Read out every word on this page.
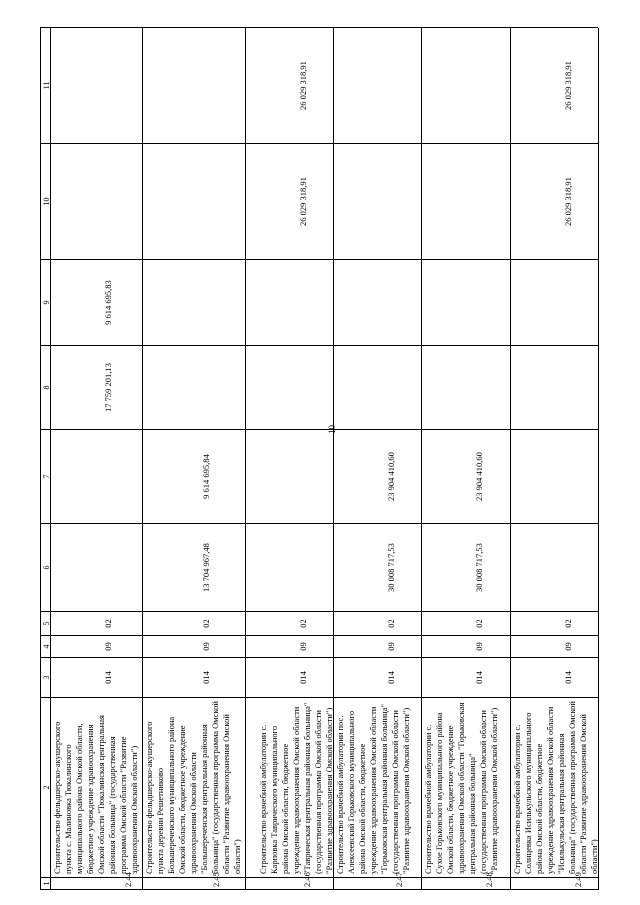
10
1
2
3
4
5
6
7
8
9
10
11
2.44
Строительство фельдшерско-акушерского пункта с. Малиновка Тюкалинского муниципального района Омской области, бюджетное учреждение здравоохранения Омской области "Тюкалинская центральная районная больница" (государственная программа Омской области "Развитие здравоохранения Омской области")
014
09
02
17 759 201,13
9 614 695,83
2.45
Строительство фельдшерско-акушерского пункта деревни Решетниково Большереченского муниципального района Омской области, бюджетное учреждение здравоохранения Омской области "Большереченская центральная районная больница" (государственная программа Омской области "Развитие здравоохранения Омской области")
014
09
02
13 704 967,48
9 614 695,84
2.46
Строительство врачебной амбулатории с. Карповка Таврического муниципального района Омской области, бюджетное учреждение здравоохранения Омской области "Таврическая центральная районная больница" (государственная программа Омской области "Развитие здравоохранения Омской области")
014
09
02
26 029 318,91
26 029 318,91
2.47
Строительство врачебной амбулатории пос. Алексеевский Горьковского муниципального района Омской области, бюджетное учреждение здравоохранения Омской области "Горьковская центральная районная больница" (государственная программа Омской области "Развитие здравоохранения Омской области")
014
09
02
30 008 717,53
23 904 410,60
2.48
Строительство врачебной амбулатории с. Сухое Горьковского муниципального района Омской области, бюджетное учреждение здравоохранения Омской области "Горьковская центральная районная больница" (государственная программа Омской области "Развитие здравоохранения Омской области")
014
09
02
30 008 717,53
23 904 410,60
2.49
Строительство врачебной амбулатории с. Солнцевка Исилькульского муниципального района Омской области, бюджетное учреждение здравоохранения Омской области "Исилькульская центральная районная больница" (государственная программа Омской области "Развитие здравоохранения Омской области")
014
09
02
26 029 318,91
26 029 318,91
